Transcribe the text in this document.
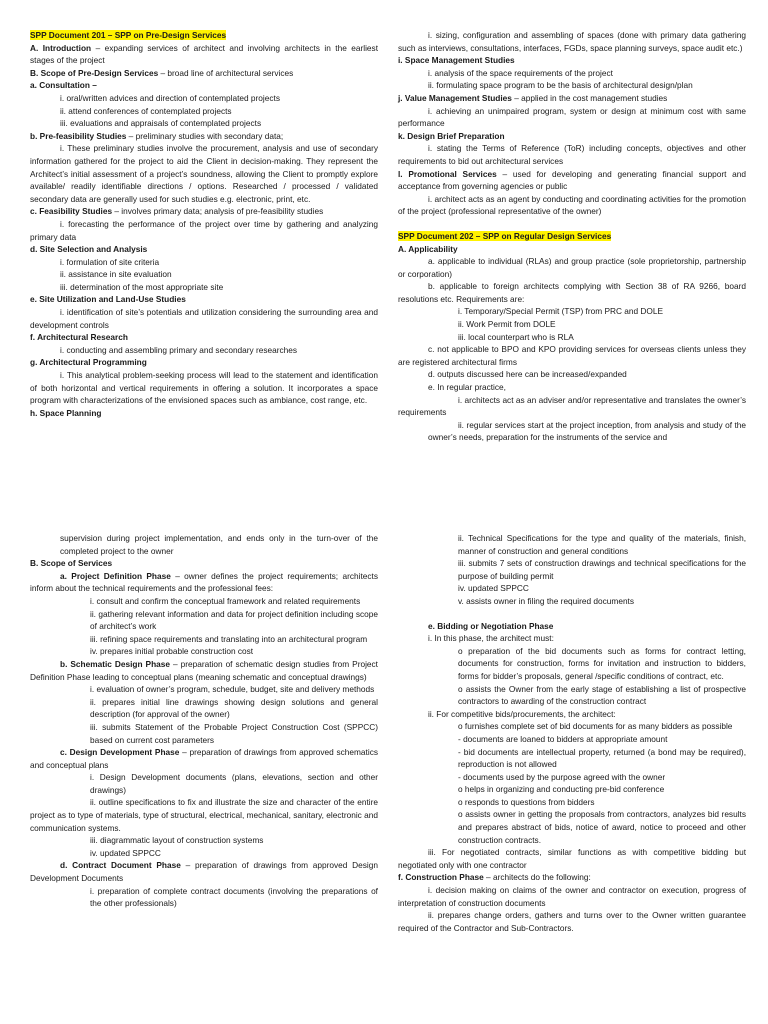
SPP Document 201 – SPP on Pre-Design Services

A. Introduction – expanding services of architect and involving architects in the earliest stages of the project

B. Scope of Pre-Design Services – broad line of architectural services

a. Consultation –

i. oral/written advices and direction of contemplated projects

ii. attend conferences of contemplated projects

iii. evaluations and appraisals of contemplated projects

b. Pre-feasibility Studies – preliminary studies with secondary data;

i. These preliminary studies involve the procurement, analysis and use of secondary information gathered for the project to aid the Client in decision-making. They represent the Architect’s initial assessment of a project’s soundness, allowing the Client to promptly explore available/ readily identifiable directions / options. Researched / processed / validated secondary data are generally used for such studies e.g. electronic, print, etc.

c. Feasibility Studies – involves primary data; analysis of pre-feasibility studies

i. forecasting the performance of the project over time by gathering and analyzing primary data

d. Site Selection and Analysis

i. formulation of site criteria

ii. assistance in site evaluation

iii. determination of the most appropriate site

e. Site Utilization and Land-Use Studies

i. identification of site’s potentials and utilization considering the surrounding area and development controls

f. Architectural Research

i. conducting and assembling primary and secondary researches

g. Architectural Programming

i. This analytical problem-seeking process will lead to the statement and identification of both horizontal and vertical requirements in offering a solution. It incorporates a space program with characterizations of the envisioned spaces such as ambiance, cost range, etc.

h. Space Planning

i. sizing, configuration and assembling of spaces (done with primary data gathering such as interviews, consultations, interfaces, FGDs, space planning surveys, space audit etc.)

i. Space Management Studies

i. analysis of the space requirements of the project

ii. formulating space program to be the basis of architectural design/plan

j. Value Management Studies – applied in the cost management studies

i. achieving an unimpaired program, system or design at minimum cost with same performance

k. Design Brief Preparation

i. stating the Terms of Reference (ToR) including concepts, objectives and other requirements to bid out architectural services

l. Promotional Services – used for developing and generating financial support and acceptance from governing agencies or public

i. architect acts as an agent by conducting and coordinating activities for the promotion of the project (professional representative of the owner)

SPP Document 202 – SPP on Regular Design Services

A. Applicability

a. applicable to individual (RLAs) and group practice (sole proprietorship, partnership or corporation)

b. applicable to foreign architects complying with Section 38 of RA 9266, board resolutions etc. Requirements are:

i. Temporary/Special Permit (TSP) from PRC and DOLE

ii. Work Permit from DOLE

iii. local counterpart who is RLA

c. not applicable to BPO and KPO providing services for overseas clients unless they are registered architectural firms

d. outputs discussed here can be increased/expanded

e. In regular practice,

i. architects act as an adviser and/or representative and translates the owner’s requirements

ii. regular services start at the project inception, from analysis and study of the owner’s needs, preparation for the instruments of the service and

supervision during project implementation, and ends only in the turn-over of the completed project to the owner

B. Scope of Services

a. Project Definition Phase – owner defines the project requirements; architects inform about the technical requirements and the professional fees:

i. consult and confirm the conceptual framework and related requirements

ii. gathering relevant information and data for project definition including scope of architect’s work

iii. refining space requirements and translating into an architectural program

iv. prepares initial probable construction cost

b. Schematic Design Phase – preparation of schematic design studies from Project Definition Phase leading to conceptual plans (meaning schematic and conceptual drawings)

i. evaluation of owner’s program, schedule, budget, site and delivery methods

ii. prepares initial line drawings showing design solutions and general description (for approval of the owner)

iii. submits Statement of the Probable Project Construction Cost (SPPCC) based on current cost parameters

c. Design Development Phase – preparation of drawings from approved schematics and conceptual plans

i. Design Development documents (plans, elevations, section and other drawings)

ii. outline specifications to fix and illustrate the size and character of the entire project as to type of materials, type of structural, electrical, mechanical, sanitary, electronic and communication systems.

iii. diagrammatic layout of construction systems

iv. updated SPPCC

d. Contract Document Phase – preparation of drawings from approved Design Development Documents

i. preparation of complete contract documents (involving the preparations of the other professionals)

ii. Technical Specifications for the type and quality of the materials, finish, manner of construction and general conditions

iii. submits 7 sets of construction drawings and technical specifications for the purpose of building permit

iv. updated SPPCC

v. assists owner in filing the required documents

e. Bidding or Negotiation Phase

i. In this phase, the architect must:

o preparation of the bid documents such as forms for contract letting, documents for construction, forms for invitation and instruction to bidders, forms for bidder’s proposals, general /specific conditions of contract, etc.

o assists the Owner from the early stage of establishing a list of prospective contractors to awarding of the construction contract

ii. For competitive bids/procurements, the architect:

o furnishes complete set of bid documents for as many bidders as possible

- documents are loaned to bidders at appropriate amount

- bid documents are intellectual property, returned (a bond may be required), reproduction is not allowed

- documents used by the purpose agreed with the owner

o helps in organizing and conducting pre-bid conference

o responds to questions from bidders

o assists owner in getting the proposals from contractors, analyzes bid results and prepares abstract of bids, notice of award, notice to proceed and other construction contracts.

iii. For negotiated contracts, similar functions as with competitive bidding but negotiated only with one contractor

f. Construction Phase – architects do the following:

i. decision making on claims of the owner and contractor on execution, progress of interpretation of construction documents

ii. prepares change orders, gathers and turns over to the Owner written guarantee required of the Contractor and Sub-Contractors.
